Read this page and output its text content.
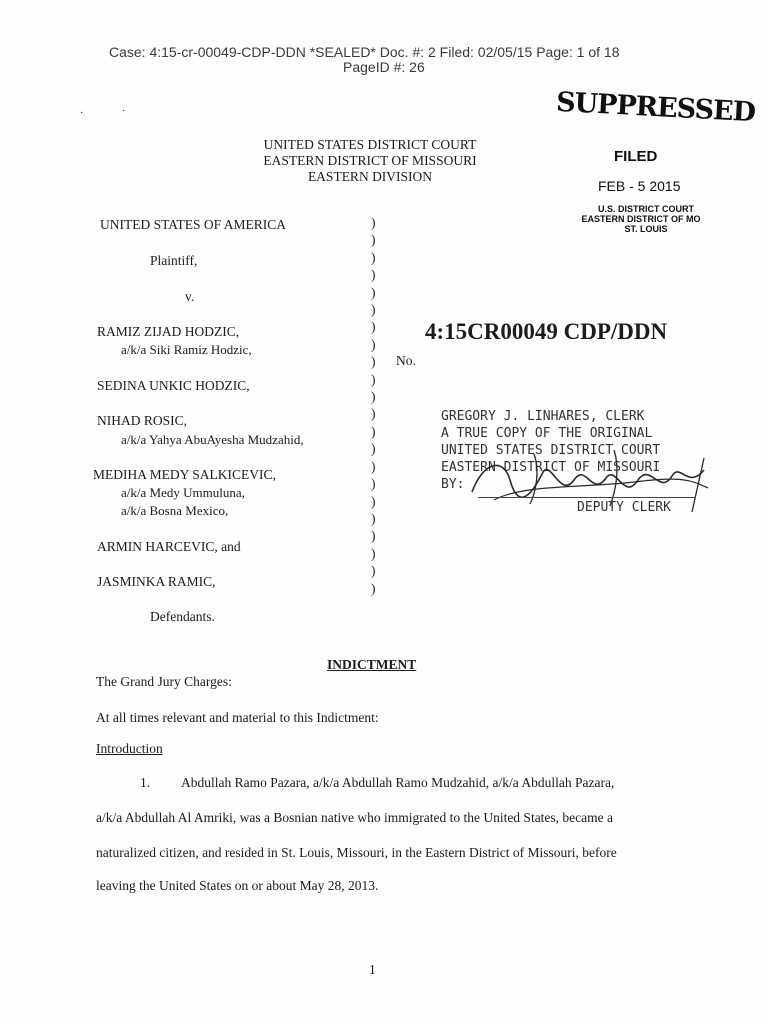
Case: 4:15-cr-00049-CDP-DDN *SEALED* Doc. #: 2 Filed: 02/05/15 Page: 1 of 18
PageID #: 26
·	·	SUPPRESSED
FILED
FEB - 5 2015
U.S. DISTRICT COURT
EASTERN DISTRICT OF MO
ST. LOUIS
UNITED STATES DISTRICT COURT
EASTERN DISTRICT OF MISSOURI
EASTERN DIVISION
UNITED STATES OF AMERICA
Plaintiff,
v.
RAMIZ ZIJAD HODZIC,
a/k/a Siki Ramiz Hodzic,
SEDINA UNKIC HODZIC,
NIHAD ROSIC,
a/k/a Yahya AbuAyesha Mudzahid,
MEDIHA MEDY SALKICEVIC,
a/k/a Medy Ummuluna,
a/k/a Bosna Mexico,
ARMIN HARCEVIC, and
JASMINKA RAMIC,
Defendants.
)
)
)
)
)
)
)
)
)
)
)
)
)
)
)
)
)
)
)
)
)
)
4:15CR00049 CDP/DDN
No.
GREGORY J. LINHARES, CLERK
A TRUE COPY OF THE ORIGINAL
UNITED STATES DISTRICT COURT
EASTERN DISTRICT OF MISSOURI
BY:
DEPUTY CLERK
INDICTMENT
The Grand Jury Charges:
At all times relevant and material to this Indictment:
Introduction
1. Abdullah Ramo Pazara, a/k/a Abdullah Ramo Mudzahid, a/k/a Abdullah Pazara,
a/k/a Abdullah Al Amriki, was a Bosnian native who immigrated to the United States, became a
naturalized citizen, and resided in St. Louis, Missouri, in the Eastern District of Missouri, before
leaving the United States on or about May 28, 2013.
1
